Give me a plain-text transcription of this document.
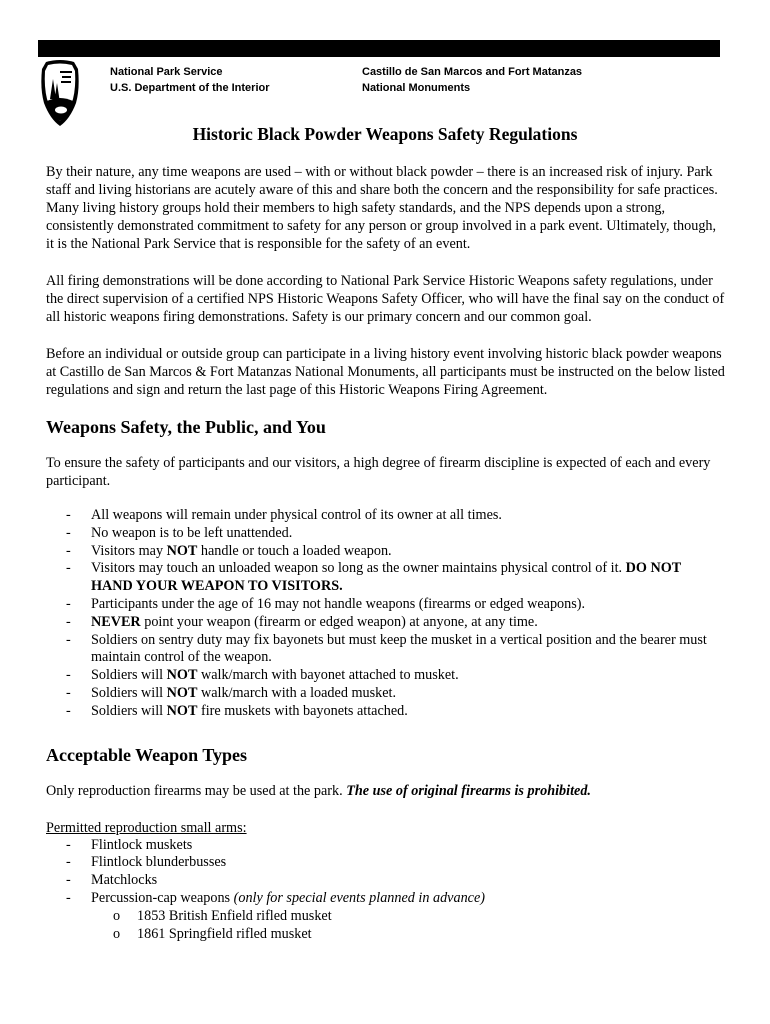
National Park Service
U.S. Department of the Interior
Castillo de San Marcos and Fort Matanzas
National Monuments
Historic Black Powder Weapons Safety Regulations

By their nature, any time weapons are used – with or without black powder – there is an increased risk of injury. Park staff and living historians are acutely aware of this and share both the concern and the responsibility for safe practices. Many living history groups hold their members to high safety standards, and the NPS depends upon a strong, consistently demonstrated commitment to safety for any person or group involved in a park event. Ultimately, though, it is the National Park Service that is responsible for the safety of an event.

All firing demonstrations will be done according to National Park Service Historic Weapons safety regulations, under the direct supervision of a certified NPS Historic Weapons Safety Officer, who will have the final say on the conduct of all historic weapons firing demonstrations. Safety is our primary concern and our common goal.

Before an individual or outside group can participate in a living history event involving historic black powder weapons at Castillo de San Marcos & Fort Matanzas National Monuments, all participants must be instructed on the below listed regulations and sign and return the last page of this Historic Weapons Firing Agreement.

Weapons Safety, the Public, and You

To ensure the safety of participants and our visitors, a high degree of firearm discipline is expected of each and every participant.

- All weapons will remain under physical control of its owner at all times.
- No weapon is to be left unattended.
- Visitors may NOT handle or touch a loaded weapon.
- Visitors may touch an unloaded weapon so long as the owner maintains physical control of it. DO NOT HAND YOUR WEAPON TO VISITORS.
- Participants under the age of 16 may not handle weapons (firearms or edged weapons).
- NEVER point your weapon (firearm or edged weapon) at anyone, at any time.
- Soldiers on sentry duty may fix bayonets but must keep the musket in a vertical position and the bearer must maintain control of the weapon.
- Soldiers will NOT walk/march with bayonet attached to musket.
- Soldiers will NOT walk/march with a loaded musket.
- Soldiers will NOT fire muskets with bayonets attached.
Acceptable Weapon Types

Only reproduction firearms may be used at the park. The use of original firearms is prohibited.

Permitted reproduction small arms:
- Flintlock muskets
- Flintlock blunderbusses
- Matchlocks
- Percussion-cap weapons (only for special events planned in advance)
o 1853 British Enfield rifled musket
o 1861 Springfield rifled musket
